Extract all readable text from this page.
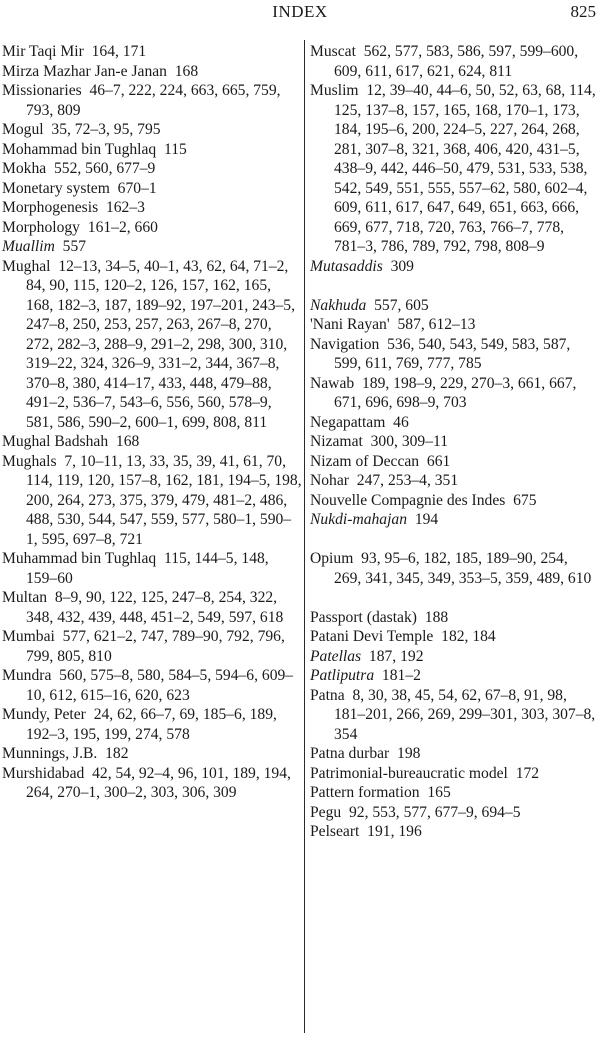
INDEX	825
Mir Taqi Mir 164, 171
Mirza Mazhar Jan-e Janan 168
Missionaries 46–7, 222, 224, 663, 665, 759, 793, 809
Mogul 35, 72–3, 95, 795
Mohammad bin Tughlaq 115
Mokha 552, 560, 677–9
Monetary system 670–1
Morphogenesis 162–3
Morphology 161–2, 660
Muallim 557
Mughal 12–13, 34–5, 40–1, 43, 62, 64, 71–2, 84, 90, 115, 120–2, 126, 157, 162, 165, 168, 182–3, 187, 189–92, 197–201, 243–5, 247–8, 250, 253, 257, 263, 267–8, 270, 272, 282–3, 288–9, 291–2, 298, 300, 310, 319–22, 324, 326–9, 331–2, 344, 367–8, 370–8, 380, 414–17, 433, 448, 479–88, 491–2, 536–7, 543–6, 556, 560, 578–9, 581, 586, 590–2, 600–1, 699, 808, 811
Mughal Badshah 168
Mughals 7, 10–11, 13, 33, 35, 39, 41, 61, 70, 114, 119, 120, 157–8, 162, 181, 194–5, 198, 200, 264, 273, 375, 379, 479, 481–2, 486, 488, 530, 544, 547, 559, 577, 580–1, 590–1, 595, 697–8, 721
Muhammad bin Tughlaq 115, 144–5, 148, 159–60
Multan 8–9, 90, 122, 125, 247–8, 254, 322, 348, 432, 439, 448, 451–2, 549, 597, 618
Mumbai 577, 621–2, 747, 789–90, 792, 796, 799, 805, 810
Mundra 560, 575–8, 580, 584–5, 594–6, 609–10, 612, 615–16, 620, 623
Mundy, Peter 24, 62, 66–7, 69, 185–6, 189, 192–3, 195, 199, 274, 578
Munnings, J.B. 182
Murshidabad 42, 54, 92–4, 96, 101, 189, 194, 264, 270–1, 300–2, 303, 306, 309
Muscat 562, 577, 583, 586, 597, 599–600, 609, 611, 617, 621, 624, 811
Muslim 12, 39–40, 44–6, 50, 52, 63, 68, 114, 125, 137–8, 157, 165, 168, 170–1, 173, 184, 195–6, 200, 224–5, 227, 264, 268, 281, 307–8, 321, 368, 406, 420, 431–5, 438–9, 442, 446–50, 479, 531, 533, 538, 542, 549, 551, 555, 557–62, 580, 602–4, 609, 611, 617, 647, 649, 651, 663, 666, 669, 677, 718, 720, 763, 766–7, 778, 781–3, 786, 789, 792, 798, 808–9
Mutasaddis 309
Nakhuda 557, 605
'Nani Rayan' 587, 612–13
Navigation 536, 540, 543, 549, 583, 587, 599, 611, 769, 777, 785
Nawab 189, 198–9, 229, 270–3, 661, 667, 671, 696, 698–9, 703
Negapattam 46
Nizamat 300, 309–11
Nizam of Deccan 661
Nohar 247, 253–4, 351
Nouvelle Compagnie des Indes 675
Nukdi-mahajan 194
Opium 93, 95–6, 182, 185, 189–90, 254, 269, 341, 345, 349, 353–5, 359, 489, 610
Passport (dastak) 188
Patani Devi Temple 182, 184
Patellas 187, 192
Patliputra 181–2
Patna 8, 30, 38, 45, 54, 62, 67–8, 91, 98, 181–201, 266, 269, 299–301, 303, 307–8, 354
Patna durbar 198
Patrimonial-bureaucratic model 172
Pattern formation 165
Pegu 92, 553, 577, 677–9, 694–5
Pelseart 191, 196
